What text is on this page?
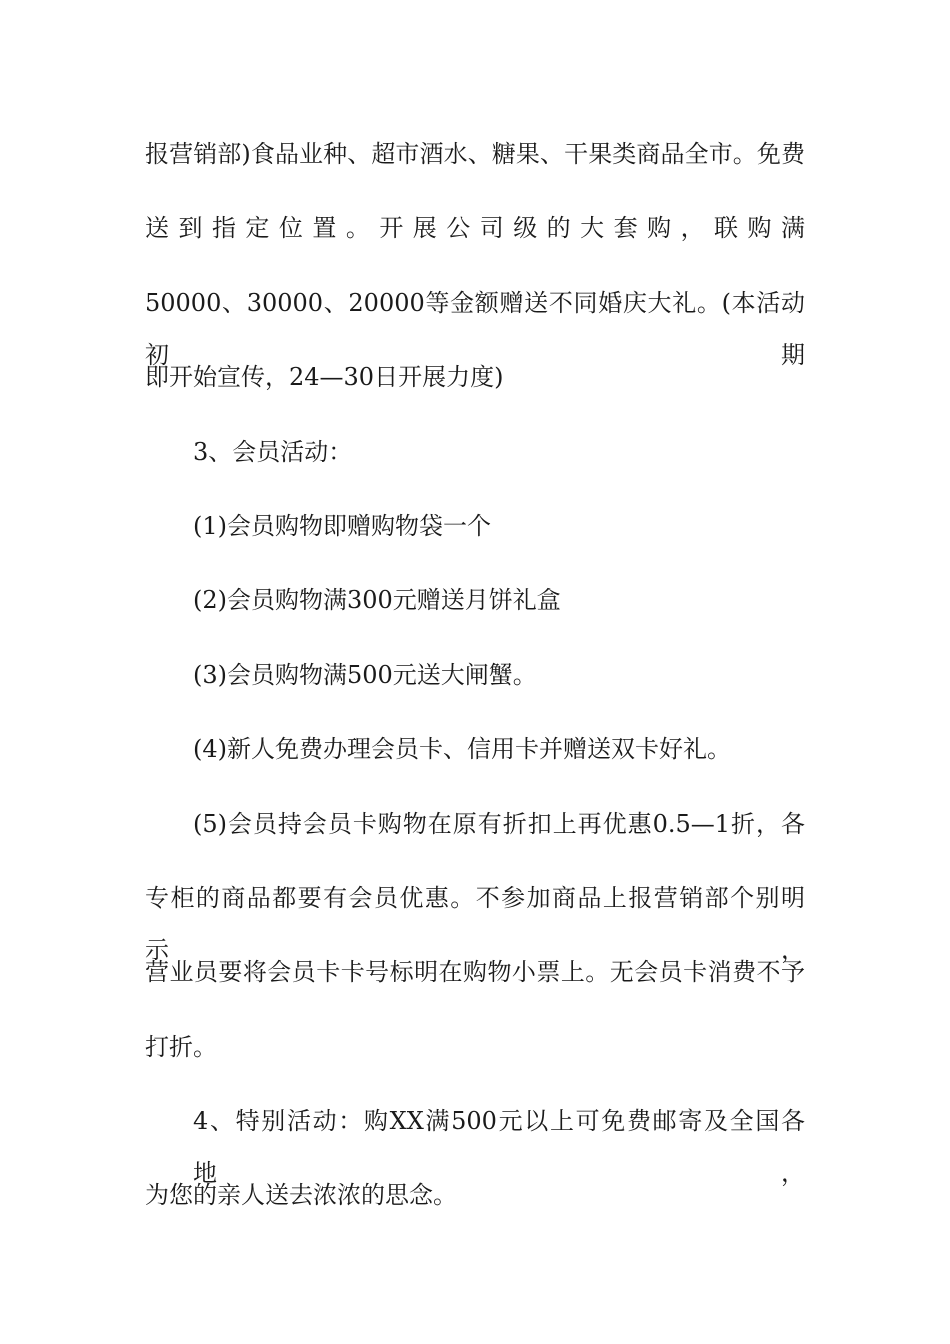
报营销部)食品业种、超市酒水、糖果、干果类商品全市。免费
送到指定位置。开展公司级的大套购，联购满
50000、30000、20000等金额赠送不同婚庆大礼。(本活动初期
即开始宣传，24—30日开展力度)
3、会员活动：
(1)会员购物即赠购物袋一个
(2)会员购物满300元赠送月饼礼盒
(3)会员购物满500元送大闸蟹。
(4)新人免费办理会员卡、信用卡并赠送双卡好礼。
(5)会员持会员卡购物在原有折扣上再优惠0.5—1折，各
专柜的商品都要有会员优惠。不参加商品上报营销部个别明示，
营业员要将会员卡卡号标明在购物小票上。无会员卡消费不予
打折。
4、特别活动：购XX满500元以上可免费邮寄及全国各地，
为您的亲人送去浓浓的思念。
